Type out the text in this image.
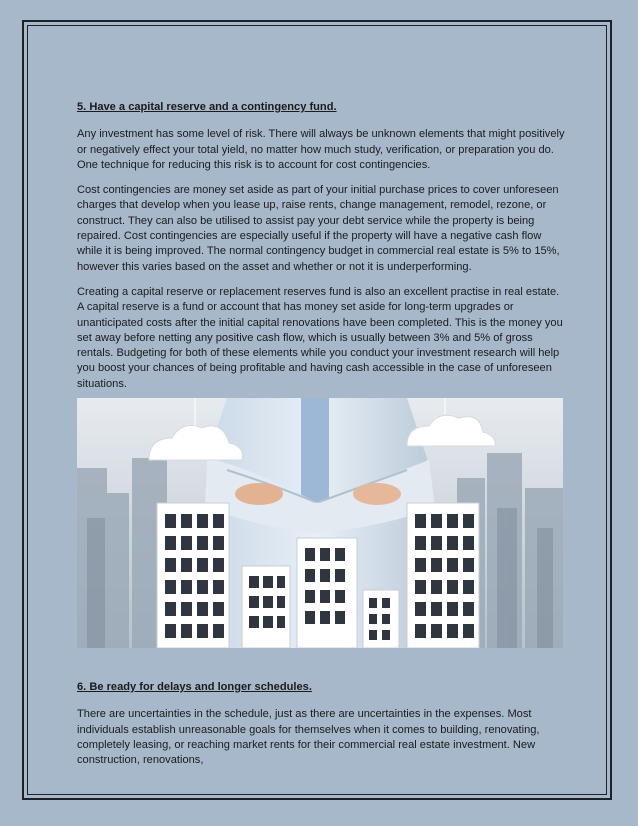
5. Have a capital reserve and a contingency fund.

Any investment has some level of risk. There will always be unknown elements that might positively or negatively effect your total yield, no matter how much study, verification, or preparation you do. One technique for reducing this risk is to account for cost contingencies.

Cost contingencies are money set aside as part of your initial purchase prices to cover unforeseen charges that develop when you lease up, raise rents, change management, remodel, rezone, or construct. They can also be utilised to assist pay your debt service while the property is being repaired. Cost contingencies are especially useful if the property will have a negative cash flow while it is being improved. The normal contingency budget in commercial real estate is 5% to 15%, however this varies based on the asset and whether or not it is underperforming.

Creating a capital reserve or replacement reserves fund is also an excellent practise in real estate. A capital reserve is a fund or account that has money set aside for long-term upgrades or unanticipated costs after the initial capital renovations have been completed. This is the money you set away before netting any positive cash flow, which is usually between 3% and 5% of gross rentals. Budgeting for both of these elements while you conduct your investment research will help you boost your chances of being profitable and having cash accessible in the case of unforeseen situations.

6. Be ready for delays and longer schedules.

There are uncertainties in the schedule, just as there are uncertainties in the expenses. Most individuals establish unreasonable goals for themselves when it comes to building, renovating, completely leasing, or reaching market rents for their commercial real estate investment. New construction, renovations,
